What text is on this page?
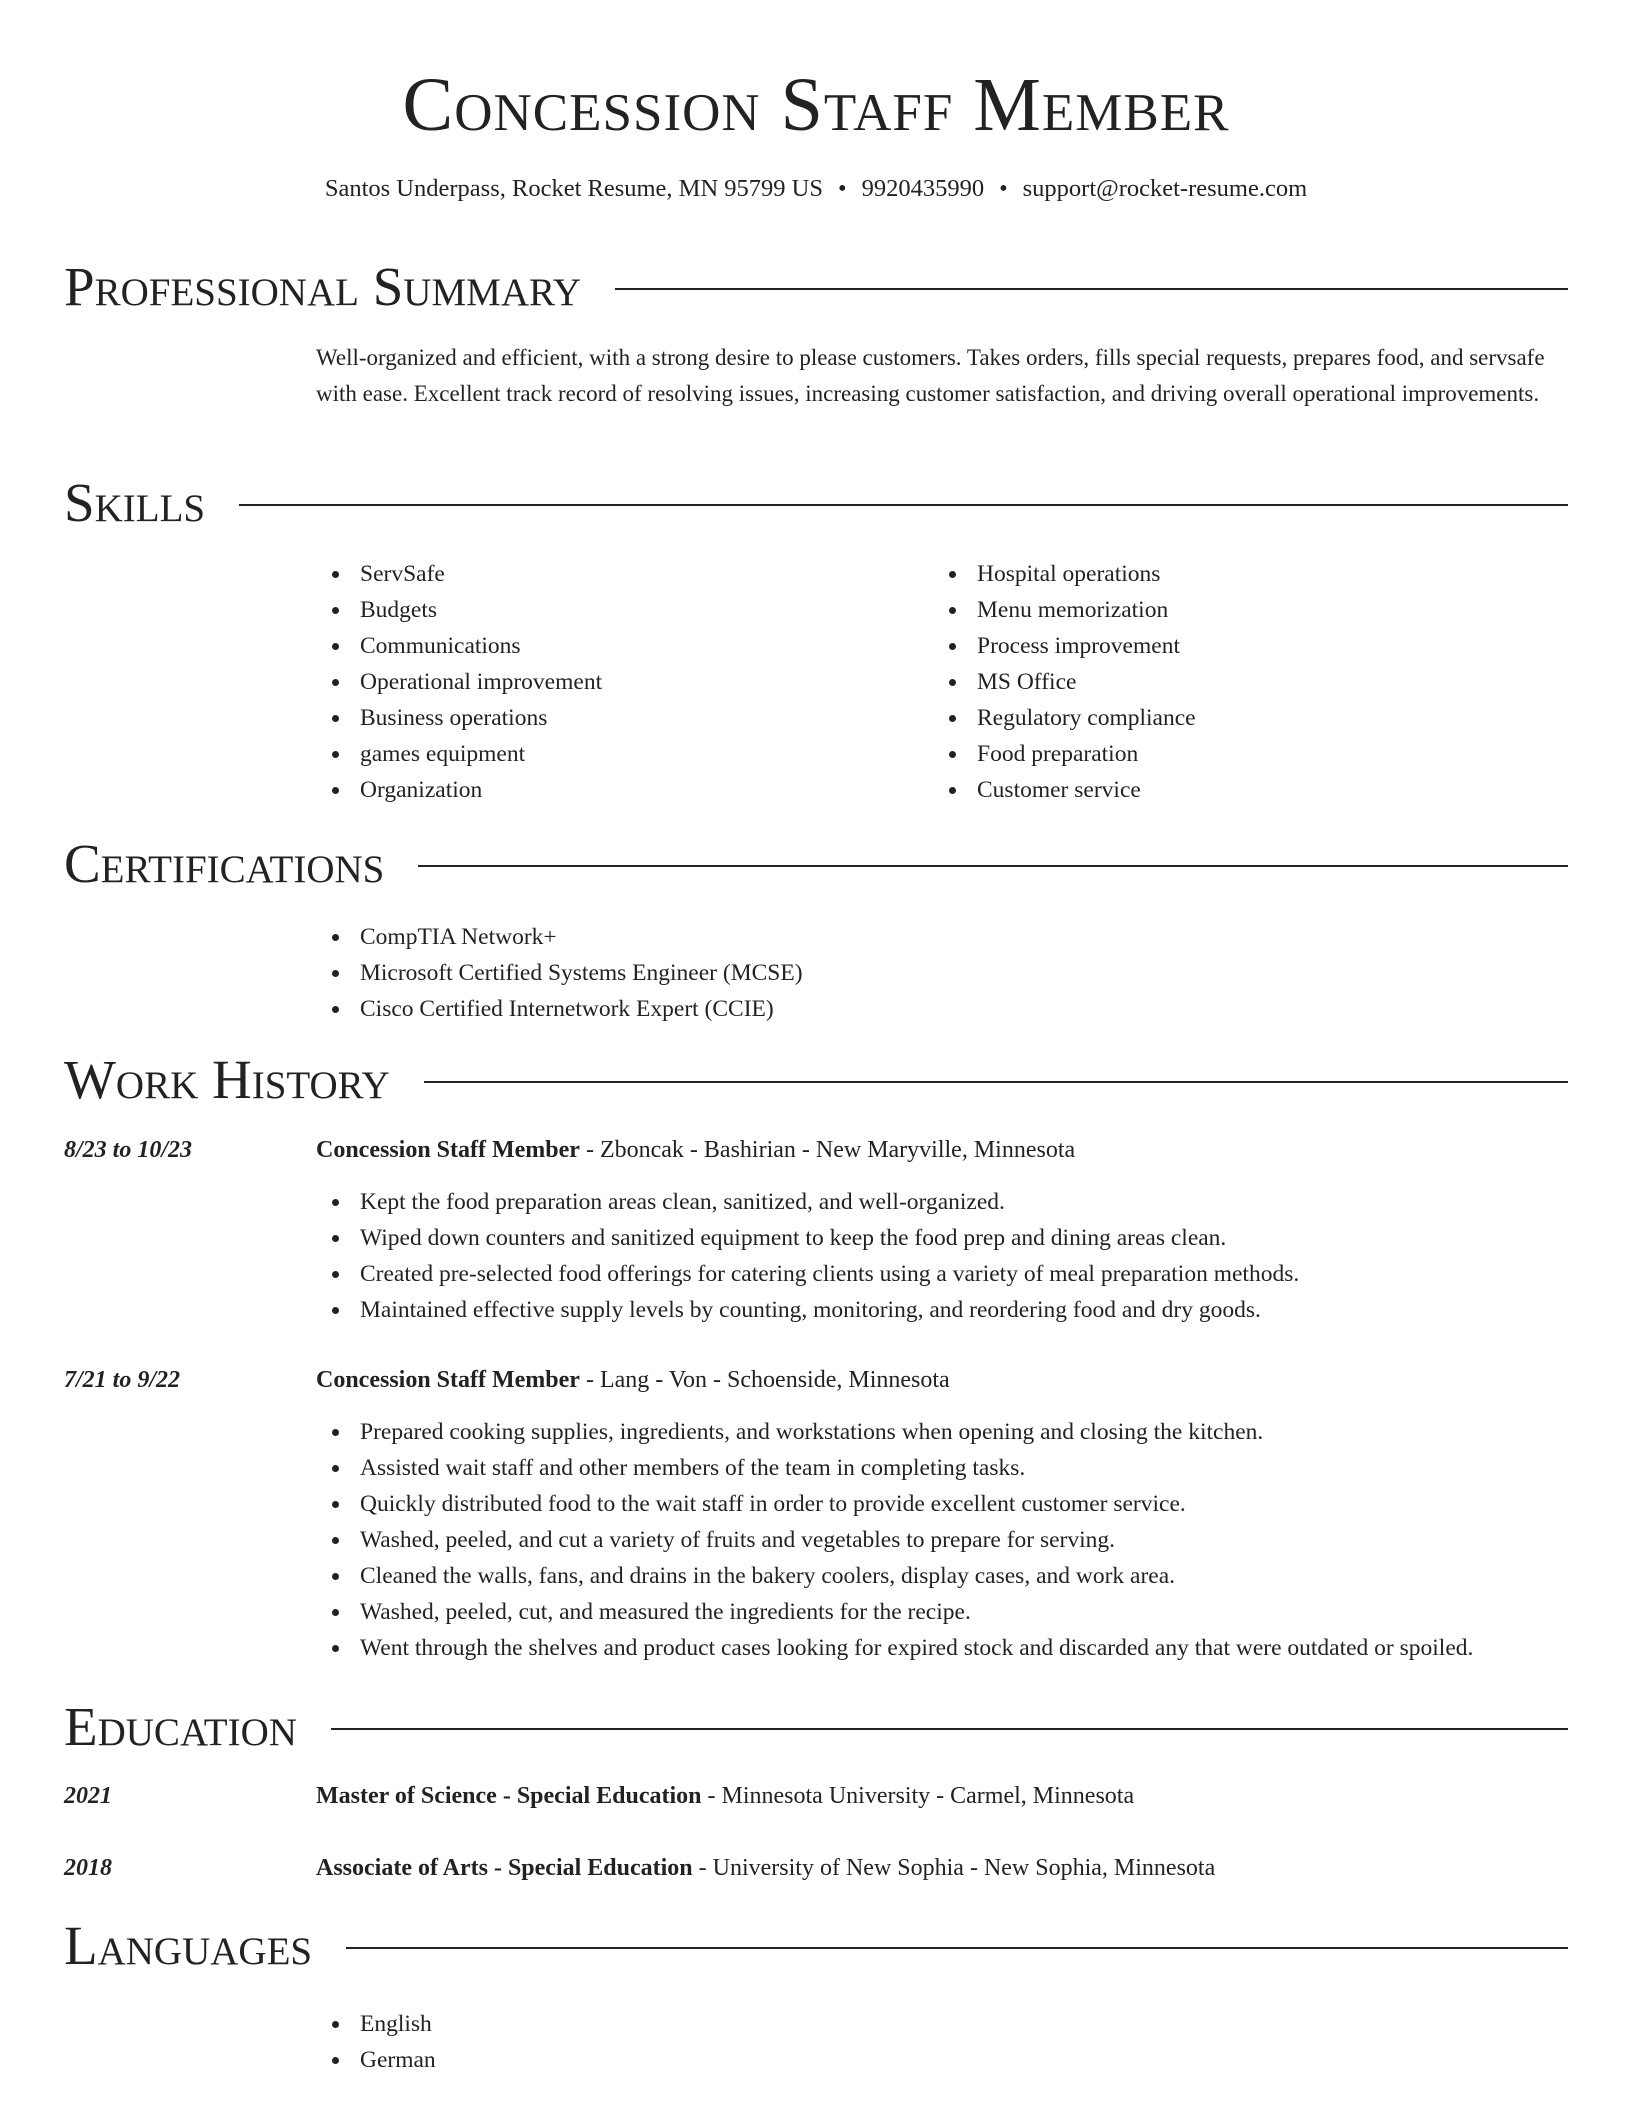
Concession Staff Member
Santos Underpass, Rocket Resume, MN 95799 US • 9920435990 • support@rocket-resume.com
Professional Summary

Well-organized and efficient, with a strong desire to please customers. Takes orders, fills special requests, prepares food, and servsafe with ease. Excellent track record of resolving issues, increasing customer satisfaction, and driving overall operational improvements.

Skills
ServSafe
Budgets
Communications
Operational improvement
Business operations
games equipment
Organization
Hospital operations
Menu memorization
Process improvement
MS Office
Regulatory compliance
Food preparation
Customer service
Certifications
CompTIA Network+
Microsoft Certified Systems Engineer (MCSE)
Cisco Certified Internetwork Expert (CCIE)
Work History
8/23 to 10/23	Concession Staff Member - Zboncak - Bashirian - New Maryville, Minnesota
Kept the food preparation areas clean, sanitized, and well-organized.
Wiped down counters and sanitized equipment to keep the food prep and dining areas clean.
Created pre-selected food offerings for catering clients using a variety of meal preparation methods.
Maintained effective supply levels by counting, monitoring, and reordering food and dry goods.
7/21 to 9/22	Concession Staff Member - Lang - Von - Schoenside, Minnesota
Prepared cooking supplies, ingredients, and workstations when opening and closing the kitchen.
Assisted wait staff and other members of the team in completing tasks.
Quickly distributed food to the wait staff in order to provide excellent customer service.
Washed, peeled, and cut a variety of fruits and vegetables to prepare for serving.
Cleaned the walls, fans, and drains in the bakery coolers, display cases, and work area.
Washed, peeled, cut, and measured the ingredients for the recipe.
Went through the shelves and product cases looking for expired stock and discarded any that were outdated or spoiled.
Education
2021	Master of Science - Special Education - Minnesota University - Carmel, Minnesota
2018	Associate of Arts - Special Education - University of New Sophia - New Sophia, Minnesota
Languages
English
German
